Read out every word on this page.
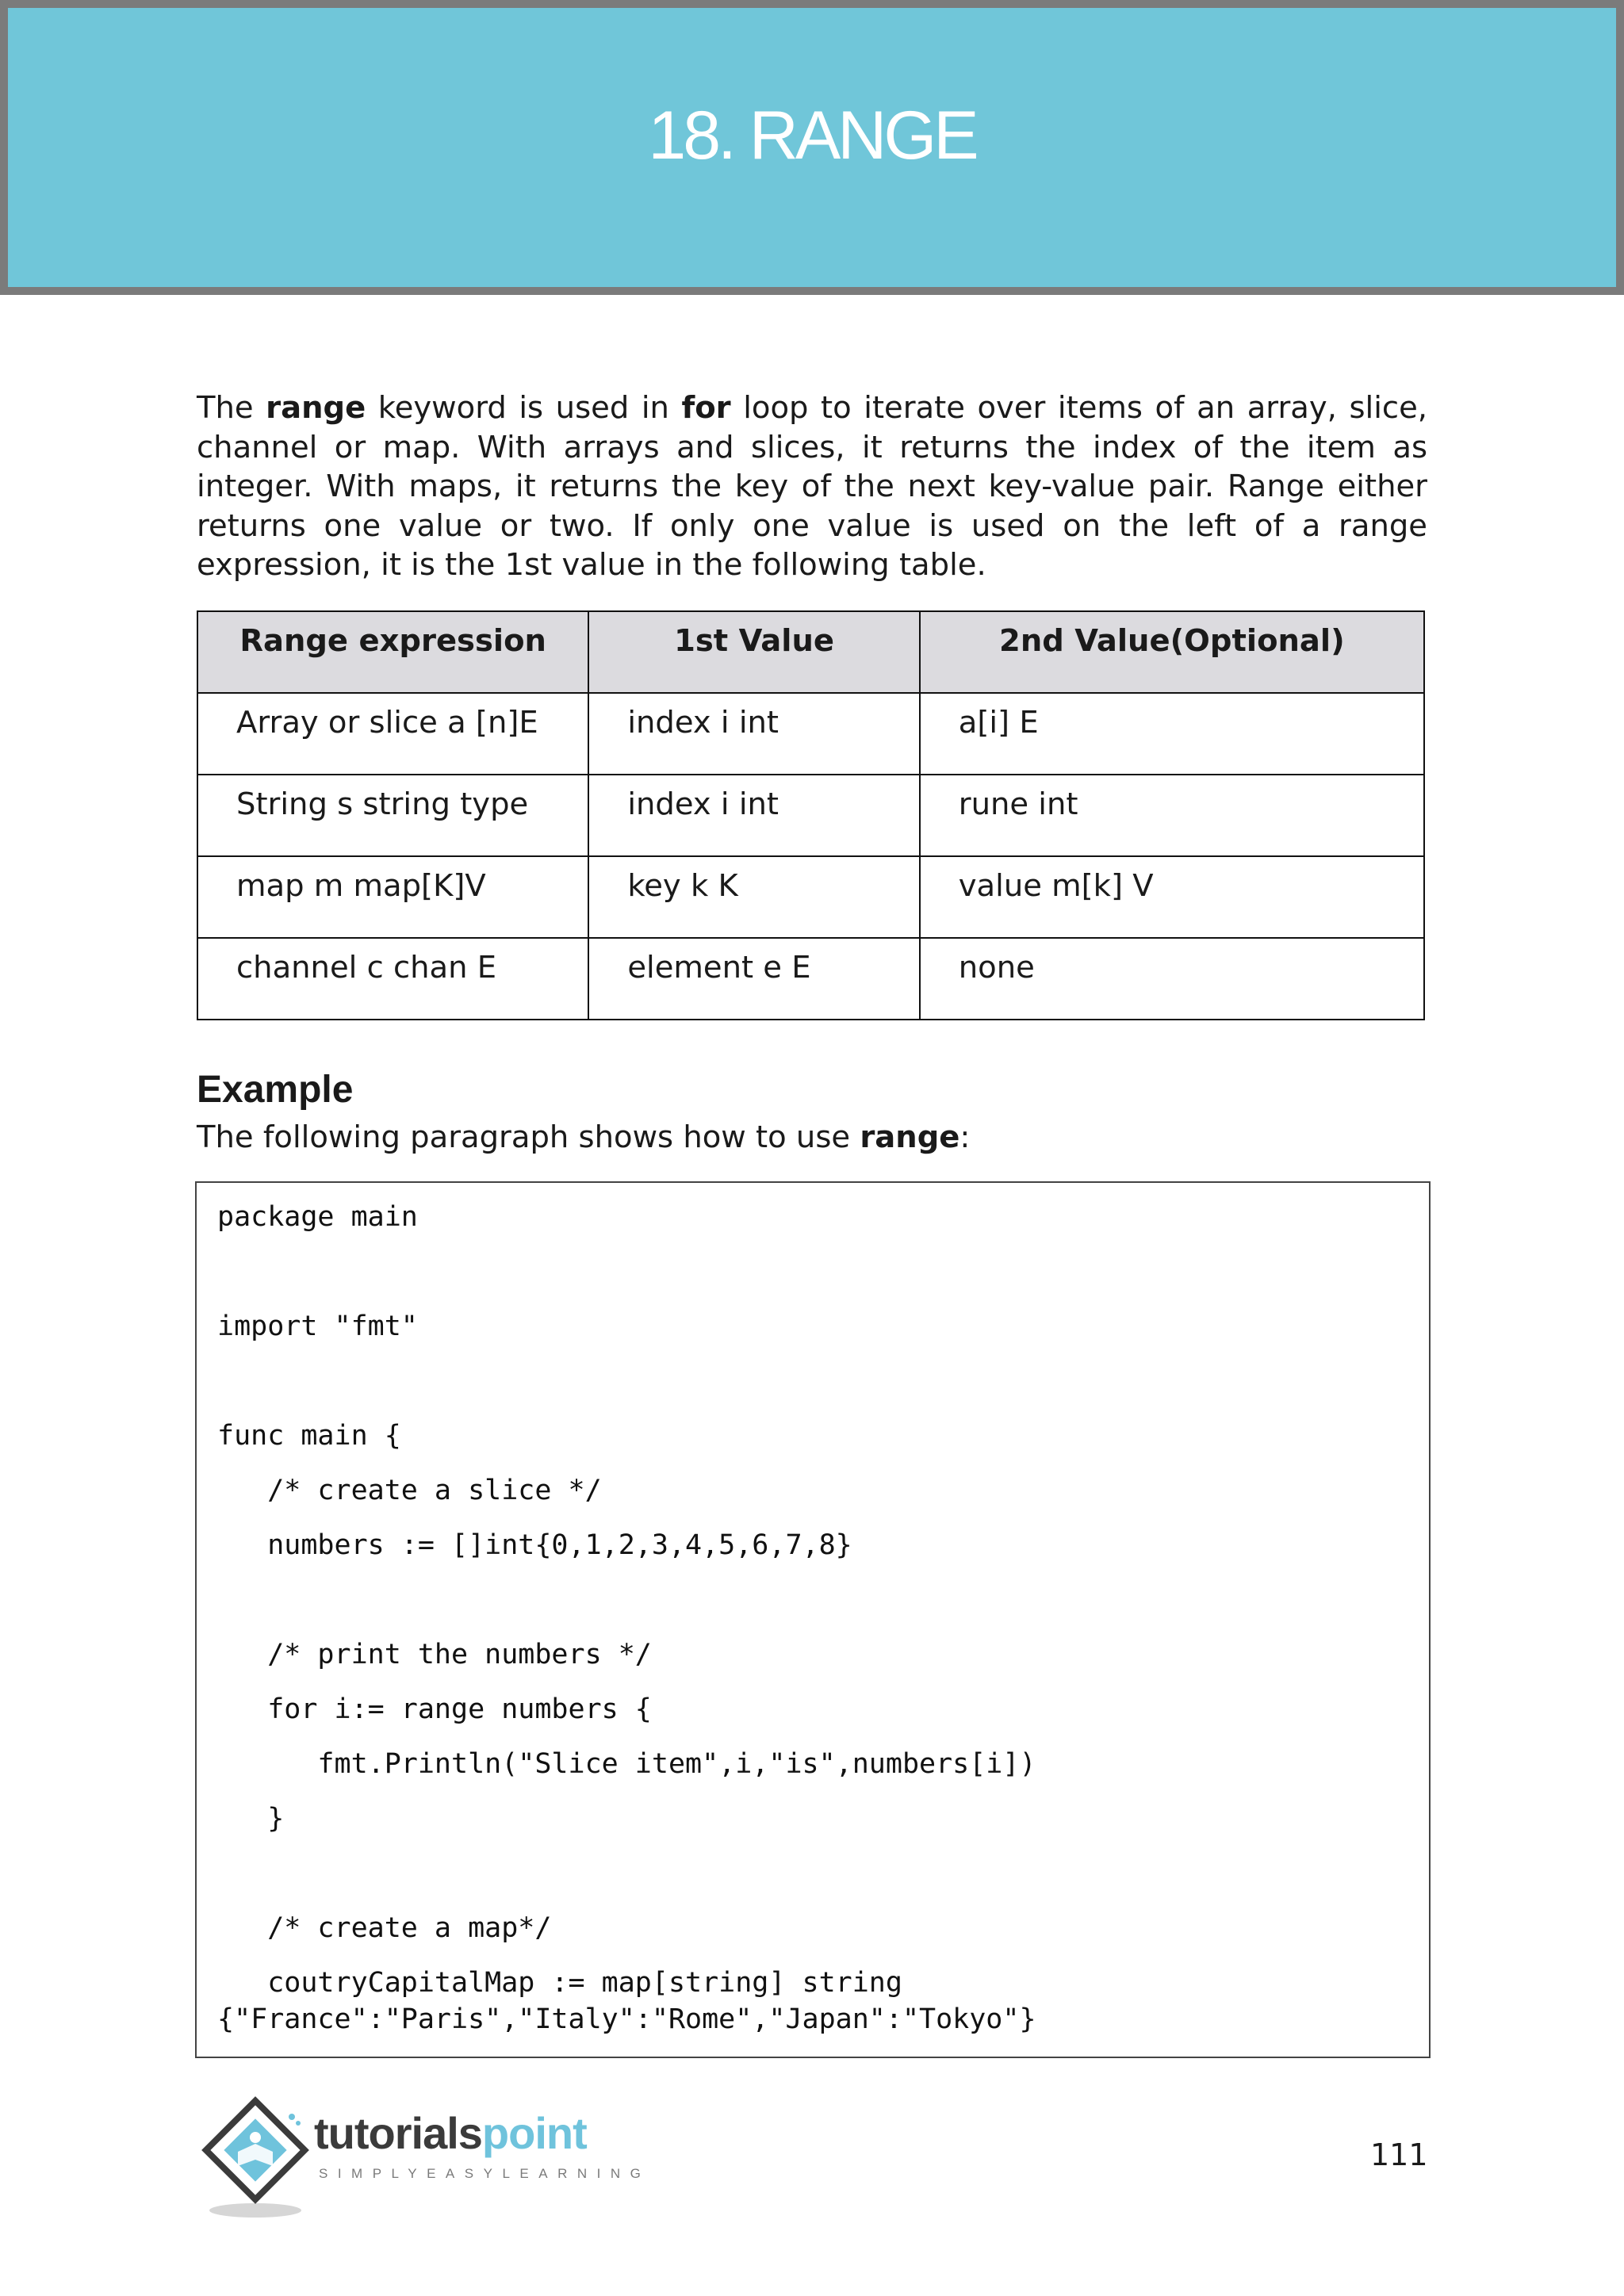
18. RANGE

The range keyword is used in for loop to iterate over items of an array, slice, channel or map. With arrays and slices, it returns the index of the item as integer. With maps, it returns the key of the next key-value pair. Range either returns one value or two. If only one value is used on the left of a range expression, it is the 1st value in the following table.

Range expression	1st Value	2nd Value(Optional)
Array or slice a [n]E	index i int	a[i] E
String s string type	index i int	rune int
map m map[K]V	key k K	value m[k] V
channel c chan E	element e E	none
Example

The following paragraph shows how to use range:

package main
import "fmt"
func main {
/* create a slice */
numbers := []int{0,1,2,3,4,5,6,7,8}
/* print the numbers */
for i:= range numbers {
fmt.Println("Slice item",i,"is",numbers[i])
}
/* create a map*/
coutryCapitalMap := map[string] string
{"France":"Paris","Italy":"Rome","Japan":"Tokyo"}
tutorialspoint
SIMPLYEASYLEARNING
111
